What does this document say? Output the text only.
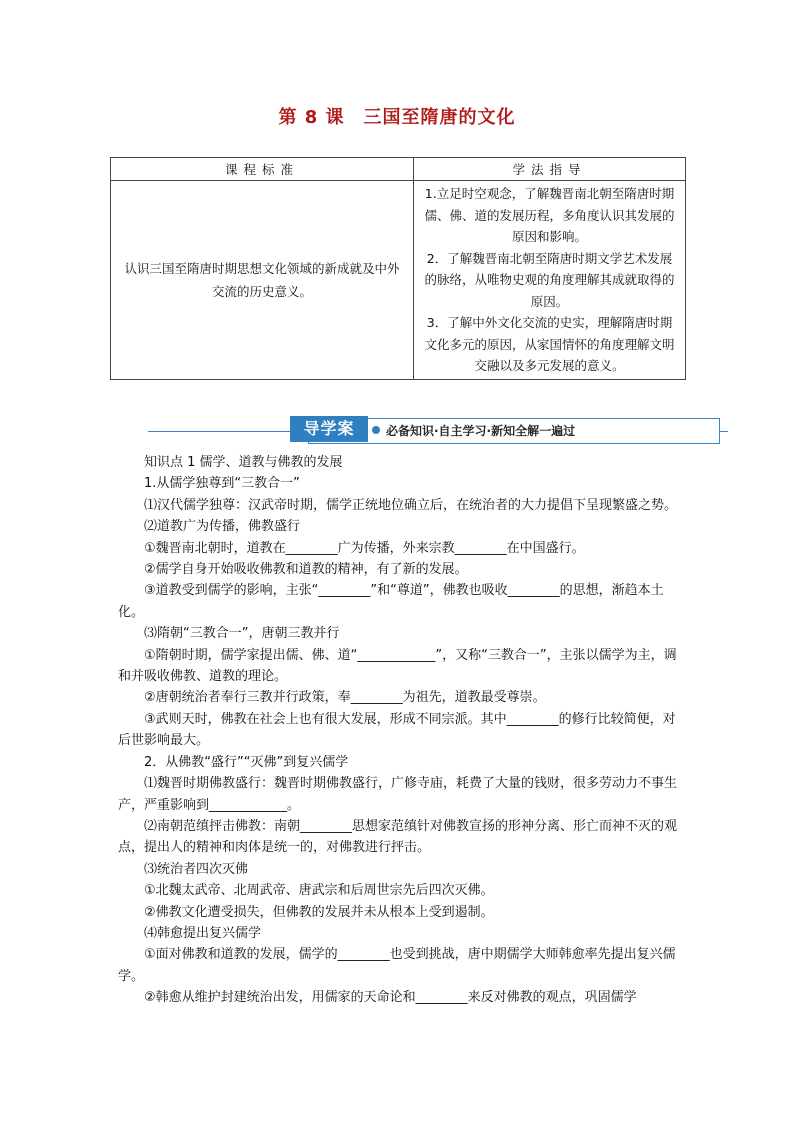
第 8 课　三国至隋唐的文化
课程标准	学法指导
认识三国至隋唐时期思想文化领域的新成就及中外交流的历史意义。	1.立足时空观念，了解魏晋南北朝至隋唐时期儒、佛、道的发展历程，多角度认识其发展的原因和影响。
2．了解魏晋南北朝至隋唐时期文学艺术发展的脉络，从唯物史观的角度理解其成就取得的原因。
3．了解中外文化交流的史实，理解隋唐时期文化多元的原因，从家国情怀的角度理解文明交融以及多元发展的意义。
导学案	必备知识·自主学习·新知全解一遍过

知识点 1 儒学、道教与佛教的发展

1.从儒学独尊到“三教合一”

⑴汉代儒学独尊：汉武帝时期，儒学正统地位确立后，在统治者的大力提倡下呈现繁盛之势。

⑵道教广为传播，佛教盛行

①魏晋南北朝时，道教在________广为传播，外来宗教________在中国盛行。

②儒学自身开始吸收佛教和道教的精神，有了新的发展。

③道教受到儒学的影响，主张“________”和“尊道”，佛教也吸收________的思想，渐趋本土化。

⑶隋朝“三教合一”，唐朝三教并行

①隋朝时期，儒学家提出儒、佛、道“____________”，又称“三教合一”，主张以儒学为主，调和并吸收佛教、道教的理论。

②唐朝统治者奉行三教并行政策，奉________为祖先，道教最受尊崇。

③武则天时，佛教在社会上也有很大发展，形成不同宗派。其中________的修行比较简便，对后世影响最大。

2．从佛教“盛行”“灭佛”到复兴儒学

⑴魏晋时期佛教盛行：魏晋时期佛教盛行，广修寺庙，耗费了大量的钱财，很多劳动力不事生产，严重影响到____________。

⑵南朝范缜抨击佛教：南朝________思想家范缜针对佛教宣扬的形神分离、形亡而神不灭的观点，提出人的精神和肉体是统一的，对佛教进行抨击。

⑶统治者四次灭佛

①北魏太武帝、北周武帝、唐武宗和后周世宗先后四次灭佛。

②佛教文化遭受损失，但佛教的发展并未从根本上受到遏制。

⑷韩愈提出复兴儒学

①面对佛教和道教的发展，儒学的________也受到挑战，唐中期儒学大师韩愈率先提出复兴儒学。

②韩愈从维护封建统治出发，用儒家的天命论和________来反对佛教的观点，巩固儒学
